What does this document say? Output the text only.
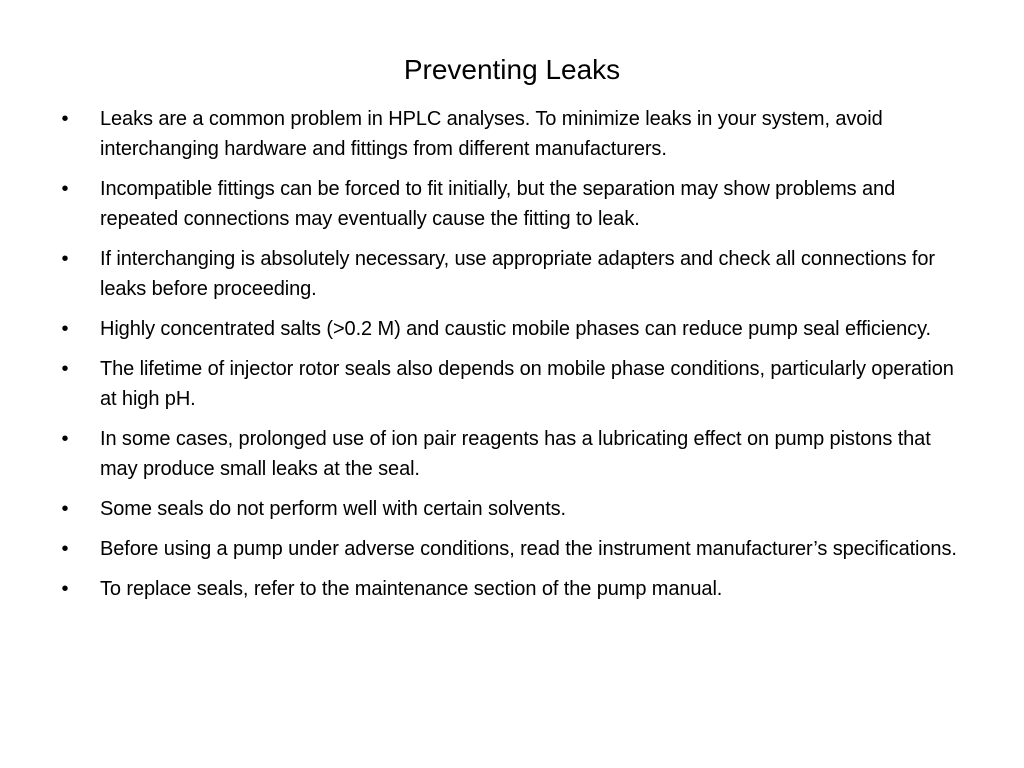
Preventing Leaks
• Leaks are a common problem in HPLC analyses. To minimize leaks in your system, avoid interchanging hardware and fittings from different manufacturers.
• Incompatible fittings can be forced to fit initially, but the separation may show problems and repeated connections may eventually cause the fitting to leak.
• If interchanging is absolutely necessary, use appropriate adapters and check all connections for leaks before proceeding.
• Highly concentrated salts (>0.2 M) and caustic mobile phases can reduce pump seal efficiency.
• The lifetime of injector rotor seals also depends on mobile phase conditions, particularly operation at high pH.
• In some cases, prolonged use of ion pair reagents has a lubricating effect on pump pistons that may produce small leaks at the seal.
• Some seals do not perform well with certain solvents.
• Before using a pump under adverse conditions, read the instrument manufacturer’s specifications.
• To replace seals, refer to the maintenance section of the pump manual.
